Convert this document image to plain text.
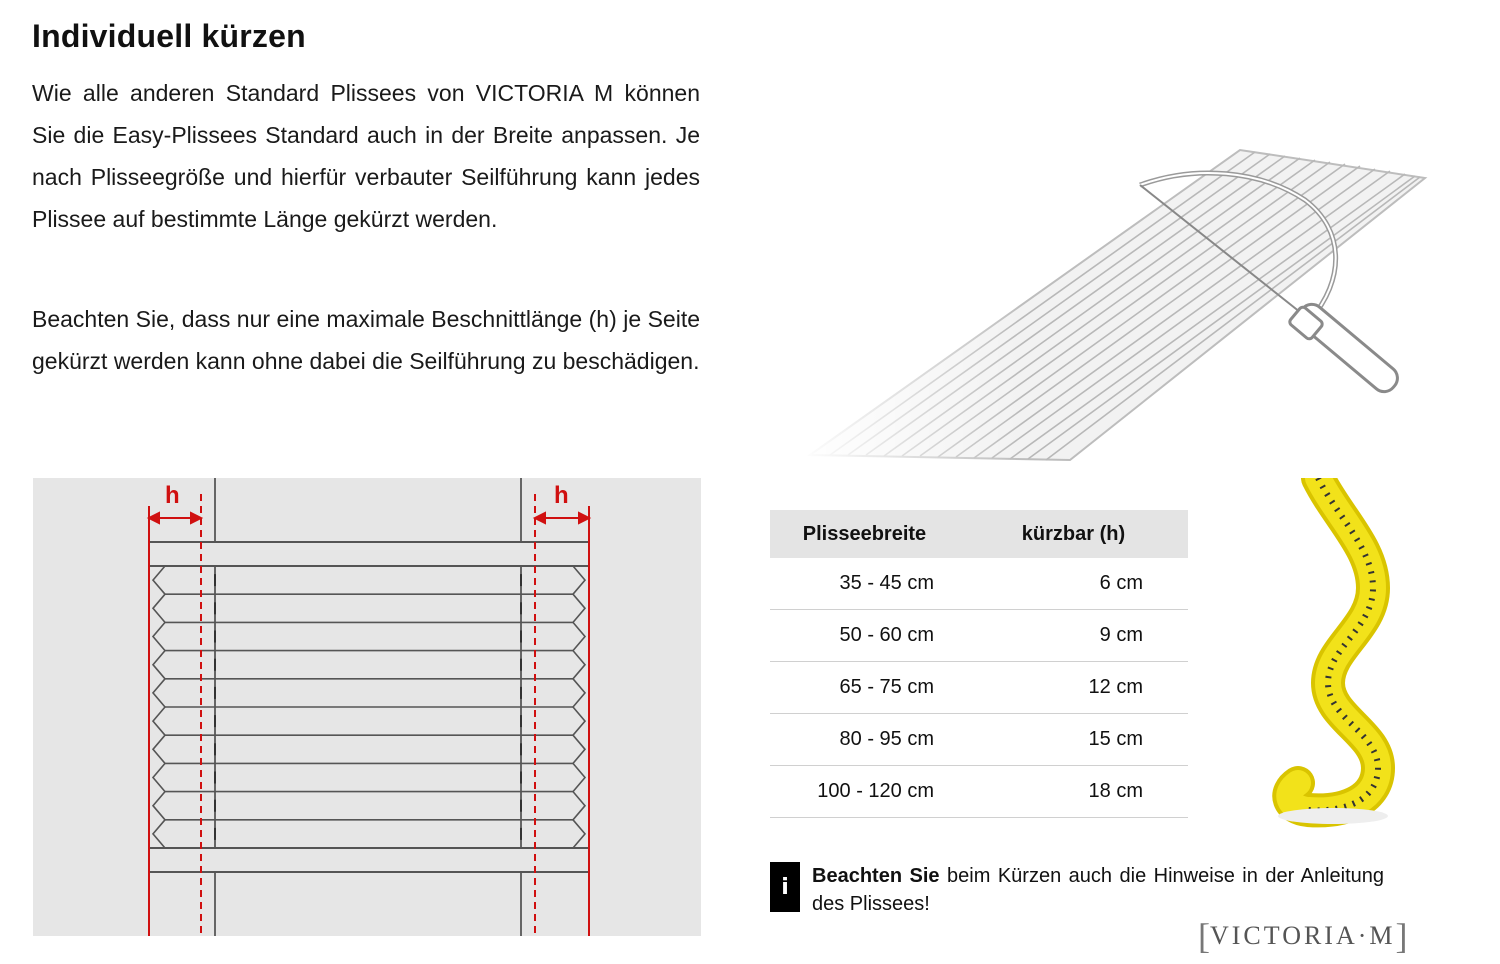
Individuell kürzen

Wie alle anderen Standard Plissees von VICTORIA M können Sie die Easy-Plissees Standard auch in der Breite anpassen. Je nach Plisseegröße und hierfür verbauter Seilführung kann jedes Plissee auf bestimmte Länge gekürzt werden.

Beachten Sie, dass nur eine maximale Beschnittlänge (h) je Seite gekürzt werden kann ohne dabei die Seilführung zu beschädigen.

h	h
Plisseebreite	kürzbar (h)
35 - 45 cm	6 cm
50 - 60 cm	9 cm
65 - 75 cm	12 cm
80 - 95 cm	15 cm
100 - 120 cm	18 cm
i	Beachten Sie beim Kürzen auch die Hinweise in der Anleitung des Plissees!
[ VICTORIA·M ]
